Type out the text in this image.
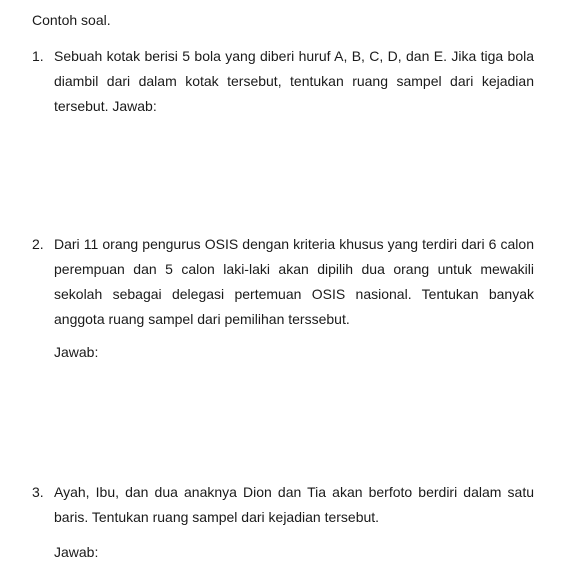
Contoh soal.
1. Sebuah kotak berisi 5 bola yang diberi huruf A, B, C, D, dan E. Jika tiga bola diambil dari dalam kotak tersebut, tentukan ruang sampel dari kejadian tersebut. Jawab:
2. Dari 11 orang pengurus OSIS dengan kriteria khusus yang terdiri dari 6 calon perempuan dan 5 calon laki-laki akan dipilih dua orang untuk mewakili sekolah sebagai delegasi pertemuan OSIS nasional. Tentukan banyak anggota ruang sampel dari pemilihan terssebut.
Jawab:
3. Ayah, Ibu, dan dua anaknya Dion dan Tia akan berfoto berdiri dalam satu baris. Tentukan ruang sampel dari kejadian tersebut.
Jawab:
